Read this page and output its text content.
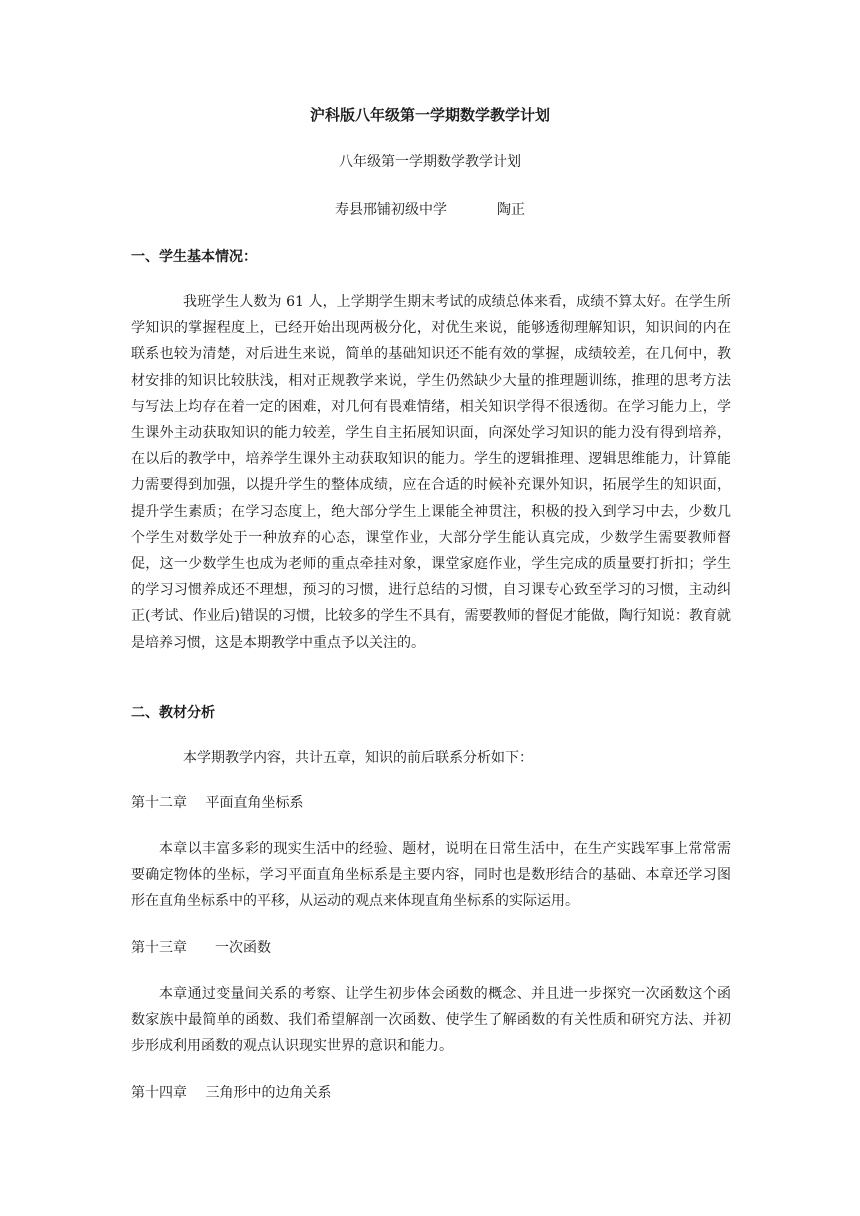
沪科版八年级第一学期数学教学计划

八年级第一学期数学教学计划

寿县邢铺初级中学	陶正

一、学生基本情况：

我班学生人数为 61 人，上学期学生期末考试的成绩总体来看，成绩不算太好。在学生所学知识的掌握程度上，已经开始出现两极分化，对优生来说，能够透彻理解知识，知识间的内在联系也较为清楚，对后进生来说，简单的基础知识还不能有效的掌握，成绩较差，在几何中，教材安排的知识比较肤浅，相对正规教学来说，学生仍然缺少大量的推理题训练，推理的思考方法与写法上均存在着一定的困难，对几何有畏难情绪，相关知识学得不很透彻。在学习能力上，学生课外主动获取知识的能力较差，学生自主拓展知识面，向深处学习知识的能力没有得到培养，在以后的教学中，培养学生课外主动获取知识的能力。学生的逻辑推理、逻辑思维能力，计算能力需要得到加强，以提升学生的整体成绩，应在合适的时候补充课外知识，拓展学生的知识面，提升学生素质；在学习态度上，绝大部分学生上课能全神贯注，积极的投入到学习中去，少数几个学生对数学处于一种放弃的心态，课堂作业，大部分学生能认真完成，少数学生需要教师督促，这一少数学生也成为老师的重点牵挂对象，课堂家庭作业，学生完成的质量要打折扣；学生的学习习惯养成还不理想，预习的习惯，进行总结的习惯，自习课专心致至学习的习惯，主动纠正(考试、作业后)错误的习惯，比较多的学生不具有，需要教师的督促才能做，陶行知说：教育就是培养习惯，这是本期教学中重点予以关注的。

二、教材分析

本学期教学内容，共计五章，知识的前后联系分析如下：

第十二章　 平面直角坐标系

本章以丰富多彩的现实生活中的经验、题材，说明在日常生活中，在生产实践军事上常常需要确定物体的坐标，学习平面直角坐标系是主要内容，同时也是数形结合的基础、本章还学习图形在直角坐标系中的平移，从运动的观点来体现直角坐标系的实际运用。

第十三章　　一次函数

本章通过变量间关系的考察、让学生初步体会函数的概念、并且进一步探究一次函数这个函数家族中最简单的函数、我们希望解剖一次函数、使学生了解函数的有关性质和研究方法、并初步形成利用函数的观点认识现实世界的意识和能力。

第十四章　 三角形中的边角关系
